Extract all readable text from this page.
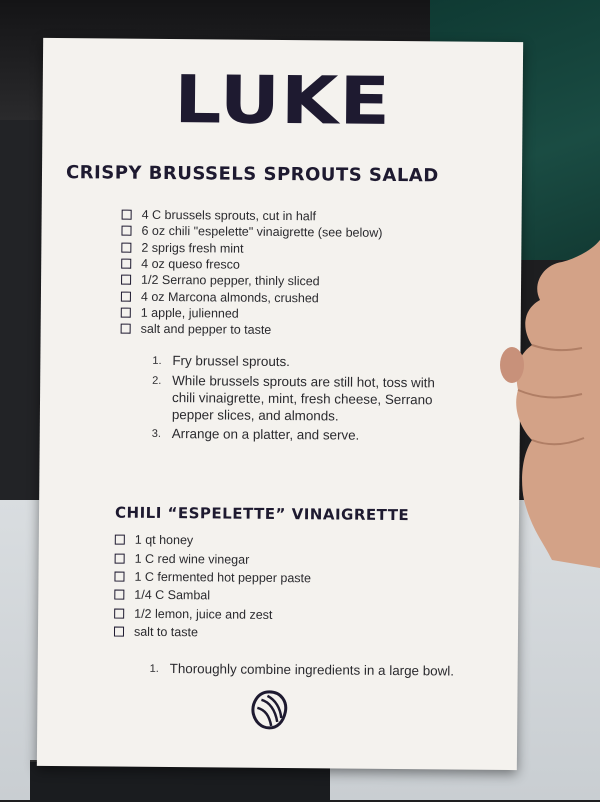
LUKE
CRISPY BRUSSELS SPROUTS SALAD
4 C brussels sprouts, cut in half
6 oz chili "espelette" vinaigrette (see below)
2 sprigs fresh mint
4 oz queso fresco
1/2 Serrano pepper, thinly sliced
4 oz Marcona almonds, crushed
1 apple, julienned
salt and pepper to taste
1. Fry brussel sprouts.
2. While brussels sprouts are still hot, toss with chili vinaigrette, mint, fresh cheese, Serrano pepper slices, and almonds.
3. Arrange on a platter, and serve.
CHILI “ESPELETTE” VINAIGRETTE
1 qt honey
1 C red wine vinegar
1 C fermented hot pepper paste
1/4 C Sambal
1/2 lemon, juice and zest
salt to taste
1. Thoroughly combine ingredients in a large bowl.
